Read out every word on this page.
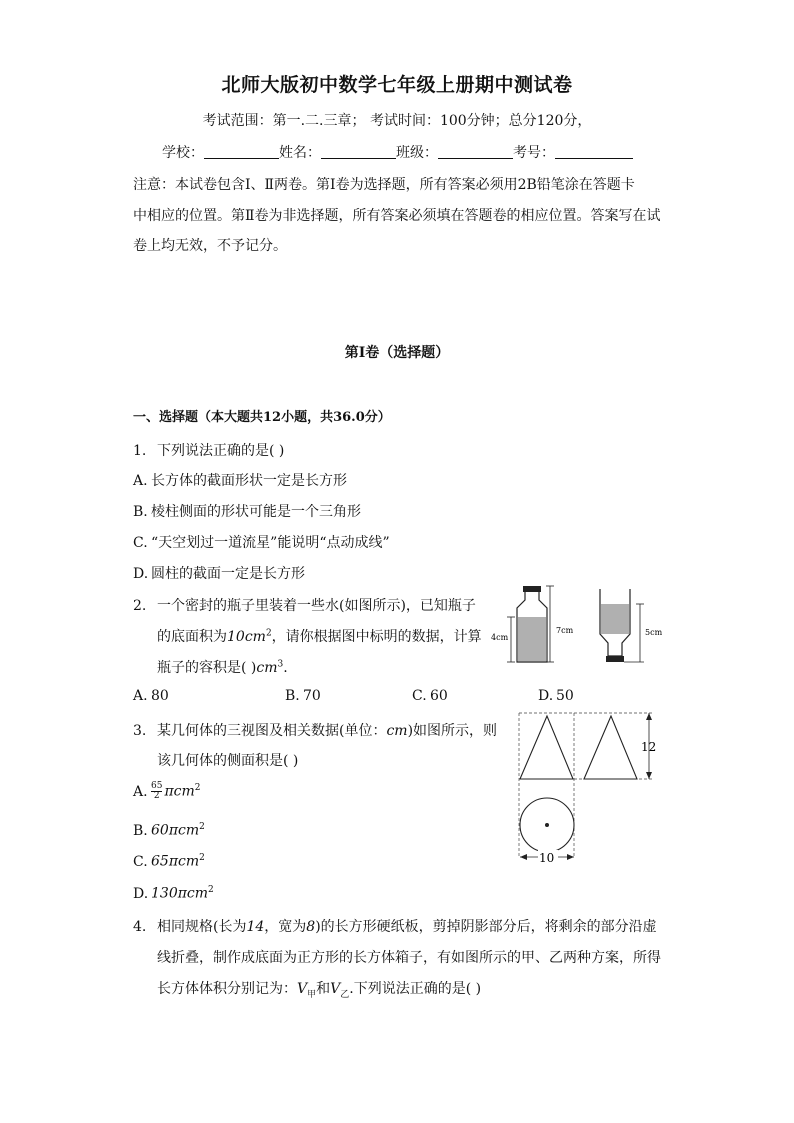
北师大版初中数学七年级上册期中测试卷
考试范围：第一.二.三章； 考试时间：100分钟；总分120分，
学校：	姓名：	班级：	考号：
注意：本试卷包含Ⅰ、Ⅱ两卷。第Ⅰ卷为选择题，所有答案必须用2B铅笔涂在答题卡
中相应的位置。第Ⅱ卷为非选择题，所有答案必须填在答题卷的相应位置。答案写在试
卷上均无效，不予记分。
第Ⅰ卷（选择题）
一、选择题（本大题共12小题，共36.0分）
1. 下列说法正确的是( )
A. 长方体的截面形状一定是长方形
B. 棱柱侧面的形状可能是一个三角形
C. “天空划过一道流星”能说明“点动成线”
D. 圆柱的截面一定是长方形
2. 一个密封的瓶子里装着一些水(如图所示)，已知瓶子
的底面积为$10cm^2$，请你根据图中标明的数据，计算
瓶子的容积是( )$cm^3$.
7cm
4cm
5cm
A. 80	B. 70	C. 60	D. 50
3. 某几何体的三视图及相关数据(单位：cm)如图所示，则
该几何体的侧面积是( )
12
10
A. $\frac{65}{2} \pi cm^2$
B. 60πcm$^2$
C. 65πcm$^2$
D. 130πcm$^2$
4. 相同规格(长为14，宽为8)的长方形硬纸板，剪掉阴影部分后，将剩余的部分沿虚
线折叠，制作成底面为正方形的长方体箱子，有如图所示的甲、乙两种方案，所得
长方体体积分别记为：$V_甲$和$V_乙$.下列说法正确的是( )
